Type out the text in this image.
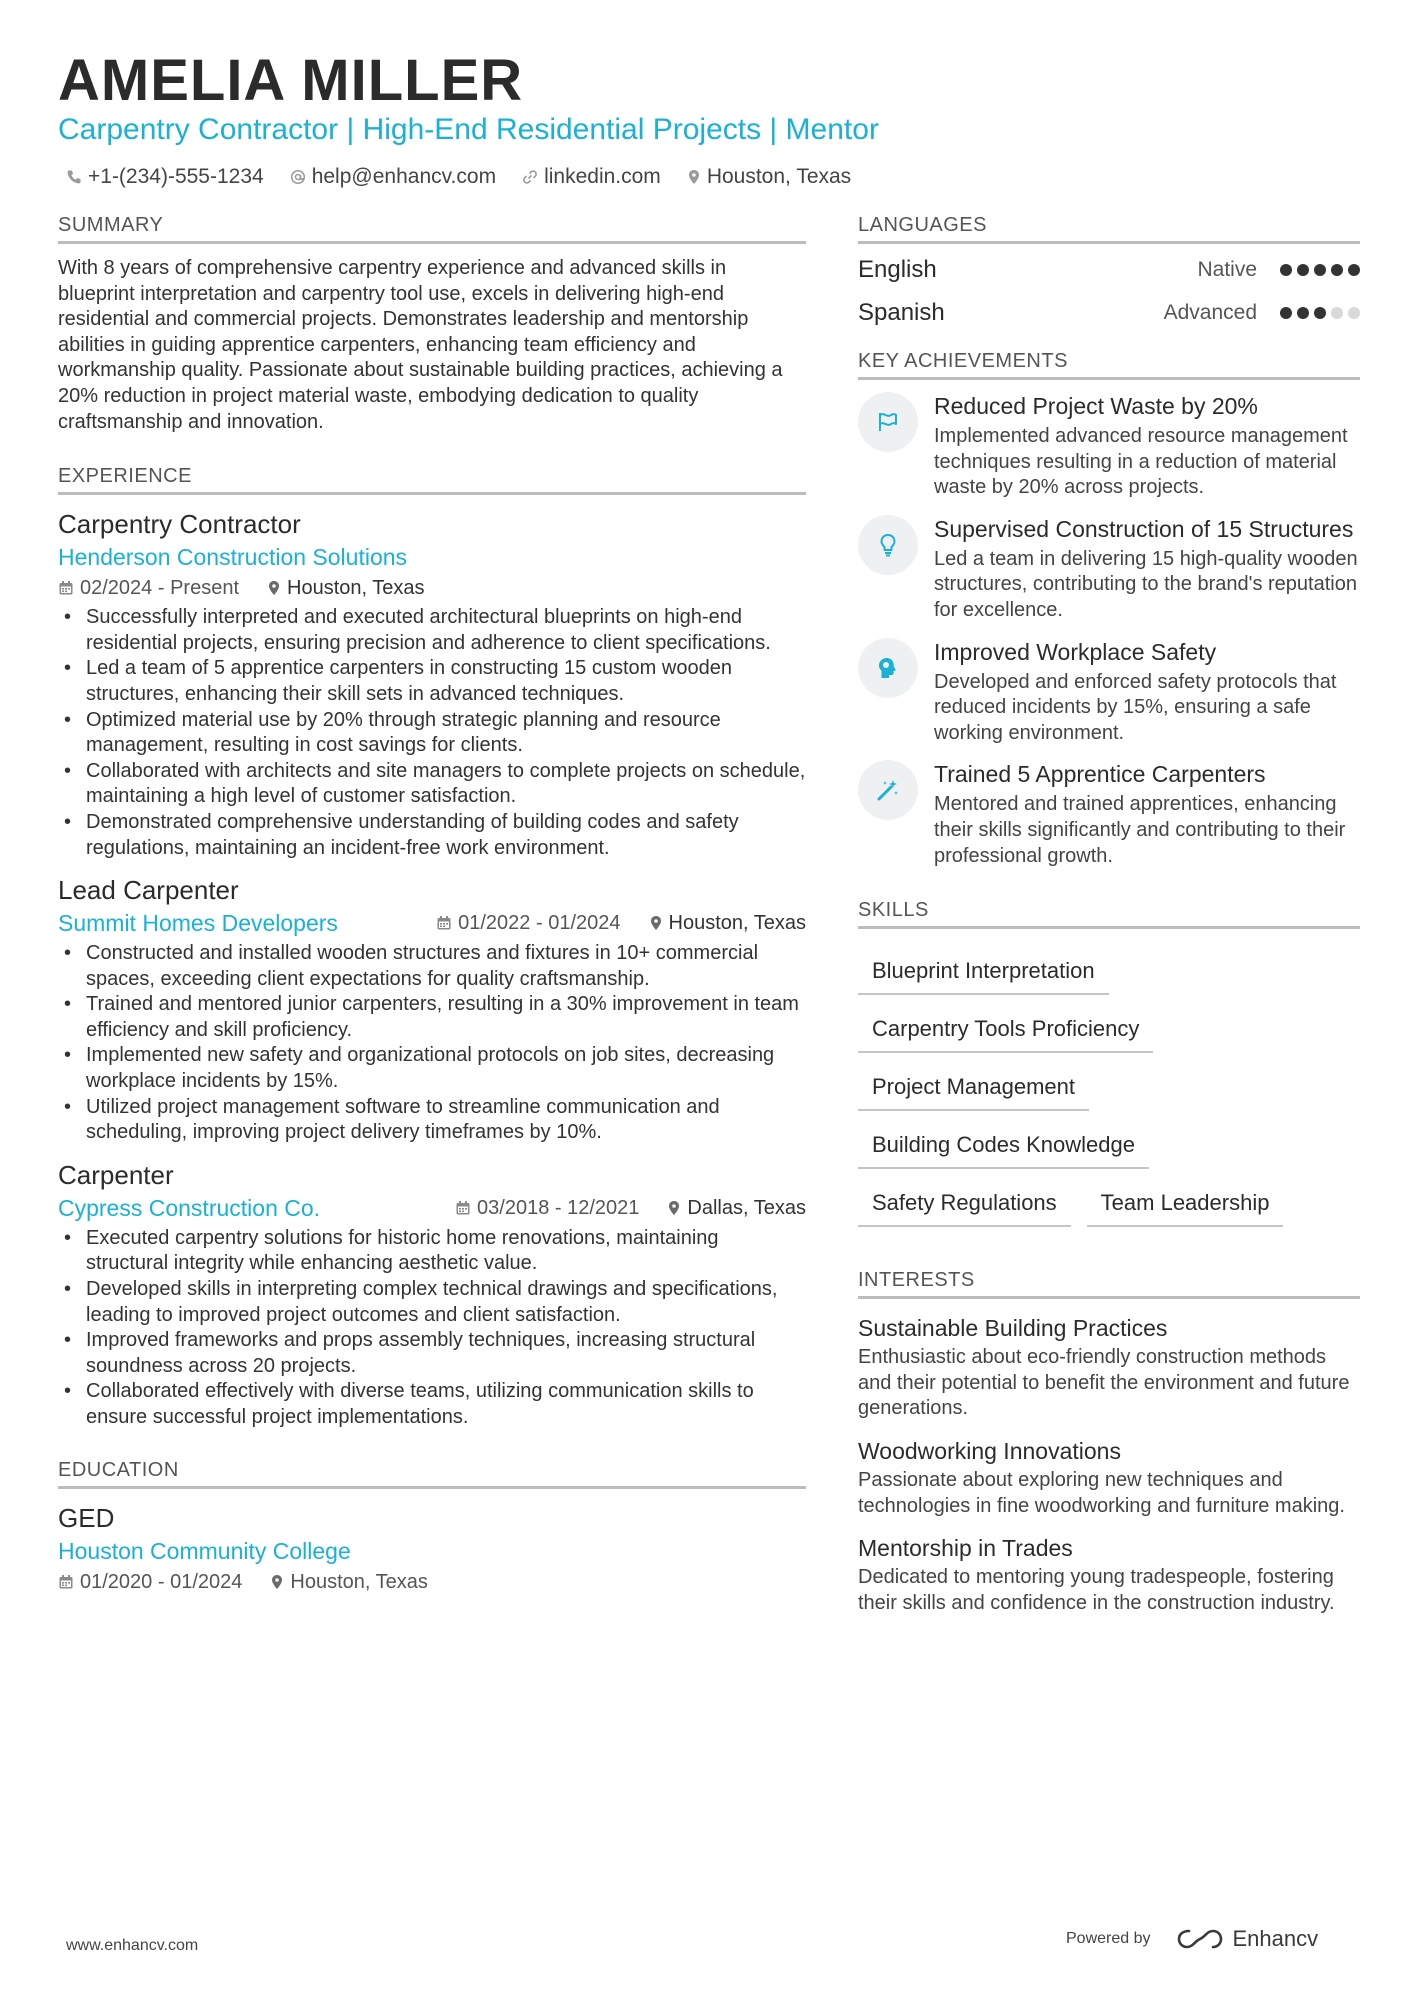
AMELIA MILLER
Carpentry Contractor | High-End Residential Projects | Mentor
+1-(234)-555-1234 help@enhancv.com linkedin.com Houston, Texas
SUMMARY
With 8 years of comprehensive carpentry experience and advanced skills in blueprint interpretation and carpentry tool use, excels in delivering high-end residential and commercial projects. Demonstrates leadership and mentorship abilities in guiding apprentice carpenters, enhancing team efficiency and workmanship quality. Passionate about sustainable building practices, achieving a 20% reduction in project material waste, embodying dedication to quality craftsmanship and innovation.
EXPERIENCE
Carpentry Contractor
Henderson Construction Solutions
02/2024 - Present Houston, Texas
• Successfully interpreted and executed architectural blueprints on high-end residential projects, ensuring precision and adherence to client specifications.
• Led a team of 5 apprentice carpenters in constructing 15 custom wooden structures, enhancing their skill sets in advanced techniques.
• Optimized material use by 20% through strategic planning and resource management, resulting in cost savings for clients.
• Collaborated with architects and site managers to complete projects on schedule, maintaining a high level of customer satisfaction.
• Demonstrated comprehensive understanding of building codes and safety regulations, maintaining an incident-free work environment.
Lead Carpenter
Summit Homes Developers	01/2022 - 01/2024 Houston, Texas
• Constructed and installed wooden structures and fixtures in 10+ commercial spaces, exceeding client expectations for quality craftsmanship.
• Trained and mentored junior carpenters, resulting in a 30% improvement in team efficiency and skill proficiency.
• Implemented new safety and organizational protocols on job sites, decreasing workplace incidents by 15%.
• Utilized project management software to streamline communication and scheduling, improving project delivery timeframes by 10%.
Carpenter
Cypress Construction Co.	03/2018 - 12/2021 Dallas, Texas
• Executed carpentry solutions for historic home renovations, maintaining structural integrity while enhancing aesthetic value.
• Developed skills in interpreting complex technical drawings and specifications, leading to improved project outcomes and client satisfaction.
• Improved frameworks and props assembly techniques, increasing structural soundness across 20 projects.
• Collaborated effectively with diverse teams, utilizing communication skills to ensure successful project implementations.
EDUCATION
GED
Houston Community College
01/2020 - 01/2024 Houston, Texas
LANGUAGES
English	Native
Spanish	Advanced
KEY ACHIEVEMENTS
Reduced Project Waste by 20%
Implemented advanced resource management techniques resulting in a reduction of material waste by 20% across projects.
Supervised Construction of 15 Structures
Led a team in delivering 15 high-quality wooden structures, contributing to the brand's reputation for excellence.
Improved Workplace Safety
Developed and enforced safety protocols that reduced incidents by 15%, ensuring a safe working environment.
Trained 5 Apprentice Carpenters
Mentored and trained apprentices, enhancing their skills significantly and contributing to their professional growth.
SKILLS
Blueprint Interpretation
Carpentry Tools Proficiency
Project Management
Building Codes Knowledge
Safety Regulations	Team Leadership
INTERESTS
Sustainable Building Practices
Enthusiastic about eco-friendly construction methods and their potential to benefit the environment and future generations.
Woodworking Innovations
Passionate about exploring new techniques and technologies in fine woodworking and furniture making.
Mentorship in Trades
Dedicated to mentoring young tradespeople, fostering their skills and confidence in the construction industry.
www.enhancv.com	Powered by	Enhancv
